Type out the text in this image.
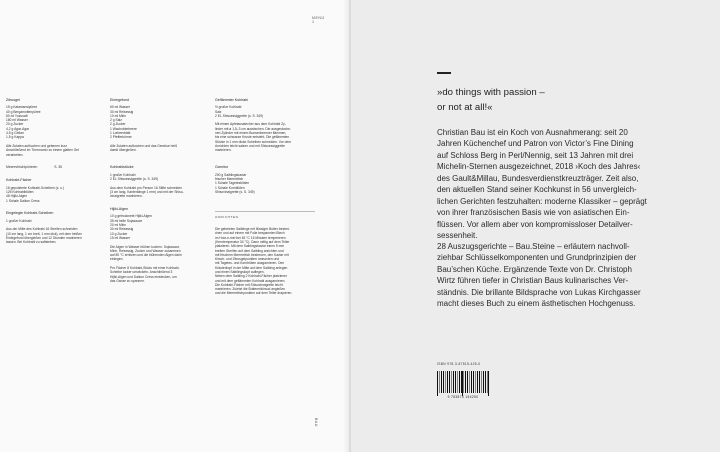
MENÜ
1
BAU
Zitrusgel

15 g Kalamansipüree

40 g Bergamottenpüree

60 ml Yuzusaft

180 ml Wasser

20 g Zucker

4,2 g Agar-Agar

4,5 g Gellan

1,5 g Kappa

Alle Zutaten aufkochen und gebenen kurz

Anschließend im Thermomix zu einem glatten Gel

verarbeiten.

Meeresfrüchtpürieren	S. 35
Kohlrabi-Fächer

16 gepolsterte Kohlrabi-Scheiben (s. u.)

125 Kohlrabiblüten

48 Hijiki-Algen

1 Schale Daikon Cress

Eingelegte Kohlrabi-Scheiben

1 großer Kohlrabi

Aus der Mitte des Kohlrabi 16 Streifen schneiden

(10 cm lang, 1 cm breit, 1 mm dick), mit dem heißen

Einlegefond übergießen und 12 Stunden marinieren

lassen. Bei Kohlrabi zu saftsieben.

Einlegefond

60 ml Wasser

30 ml Reisessig

10 ml Mirin

2 g Salz

2 g Zucker

1 Wacholderbeere

1 Lorbeerblatt

2 Pfefferkörner

Alle Zutaten aufkochen und das Gemüse heiß

damit übergießen.

Kohlrabistücke

1 großer Kohlrabi

2 EL Shisoessiggrette (s. S. 349)

Aus dem Kohlrabi pro Person 16 Stifte schneiden

(3 cm lang, Kantenlänge 1 mm) und mit der Shiso-

vinaigrette marinieren.

Hijiki-Algen

10 g getrocknete Hijiki-Algen

35 ml helle Sojasauce

20 ml Mirin

30 ml Reisessig

10 g Zucker

15 ml Wasser

Die Algen in Wasser blühen kochen. Sojasauce,

Mirin, Reisessig, Zucker und Wasser zusammen

auf 80 °C erhitzen und die blühenden Algen darin

einlegen.

Pro Fächer 8 Kohlrabi-Sticks mit einer Kohlrabi-

Scheibe locker umwickeln. Anschließend 3

Hijiki-Algen und Daikon Cress einstecken, um

das Ganze zu spannen.

Geflämmter Kohlrabi

½ großer Kohlrabi

Salz

2 EL Shisoessiggrette (s. S. 349)

Mit einem Apfelausstecher aus dem Kohlrabi Zy-

linder mit ø 1,5–3 cm ausstechen. Die ausgestoche-

nen Zylinder mit einem Bunsenbrenner flämmen,

bis eine schwarze Kruste entsteht. Die geflämmten

Stücke in 1 mm dicke Scheiben schneiden. Vor dem

Anrichten leicht salzen und mit Shisoessiggrette

marinieren.

Garnitur

200 g Saiblingskaviar

frischer Meerrettich

1 Schale Tagetesblüten

1 Schale Kornblüten

Shisovinaigrette (s. S. 349)

ANRICHTEN

Die gebeizten Saiblinge mit flüssiger Butter bestrei-

chen und auf einem mit Folie bespannten Blech

im Holz-e-mel bei 45 °C 15 Minuten temperieren

(Kerntemperatur 34 °C). Dann mittig auf dem Teller

platzieren. Mit dem Saiblingskaviar einen 5 mm

breiten Streifen auf dem Saibling anrichten und

mit frischem Meerrettich bestreuen, den Kaviar mit

Kirsch- und Zitrusgelpunkten umrunden und

mit Tagetes- und Kornblüten ausgarnieren. Den

Kräuterkopf in der Mitte auf dem Saibling anlegen

und einen Saiblingskopf auflegen.

Neben dem Saibling 2 Kohlrabi-Fächer platzieren

und mit dem geflämmten Kohlrabi ausgarnieren.

Die Kohlrabi-Fächer mit Shisovinaigrette leicht

marinieren. Zuletzt die Buttermilchsud angießen

und die Meerrettichpunkten auf dem Teller drapieren.

»do things with passion –
or not at all!«
Christian Bau ist ein Koch von Ausnahmerang: seit 20
Jahren Küchenchef und Patron von Victor’s Fine Dining
auf Schloss Berg in Perl/Nennig, seit 13 Jahren mit drei
Michelin-Sternen ausgezeichnet, 2018 ›Koch des Jahres‹
des Gault&Millau, Bundesverdienstkreuzträger. Zeit also,
den aktuellen Stand seiner Kochkunst in 56 unvergleich-
lichen Gerichten festzuhalten: moderne Klassiker – geprägt
von ihrer französischen Basis wie von asiatischen Ein-
flüssen. Vor allem aber von kompromissloser Detailver-
sessenheit.
28 Auszugsgerichte – Bau.Steine – erläutern nachvoll-
ziehbar Schlüsselkomponenten und Grundprinzipien der
Bau’schen Küche. Ergänzende Texte von Dr. Christoph
Wirtz führen tiefer in Christian Baus kulinarisches Ver-
ständnis. Die brillante Bildsprache von Lukas Kirchgasser
macht dieses Buch zu einem ästhetischen Hochgenuss.
ISBN 978-3-87515-425-0
9 783875 154250
